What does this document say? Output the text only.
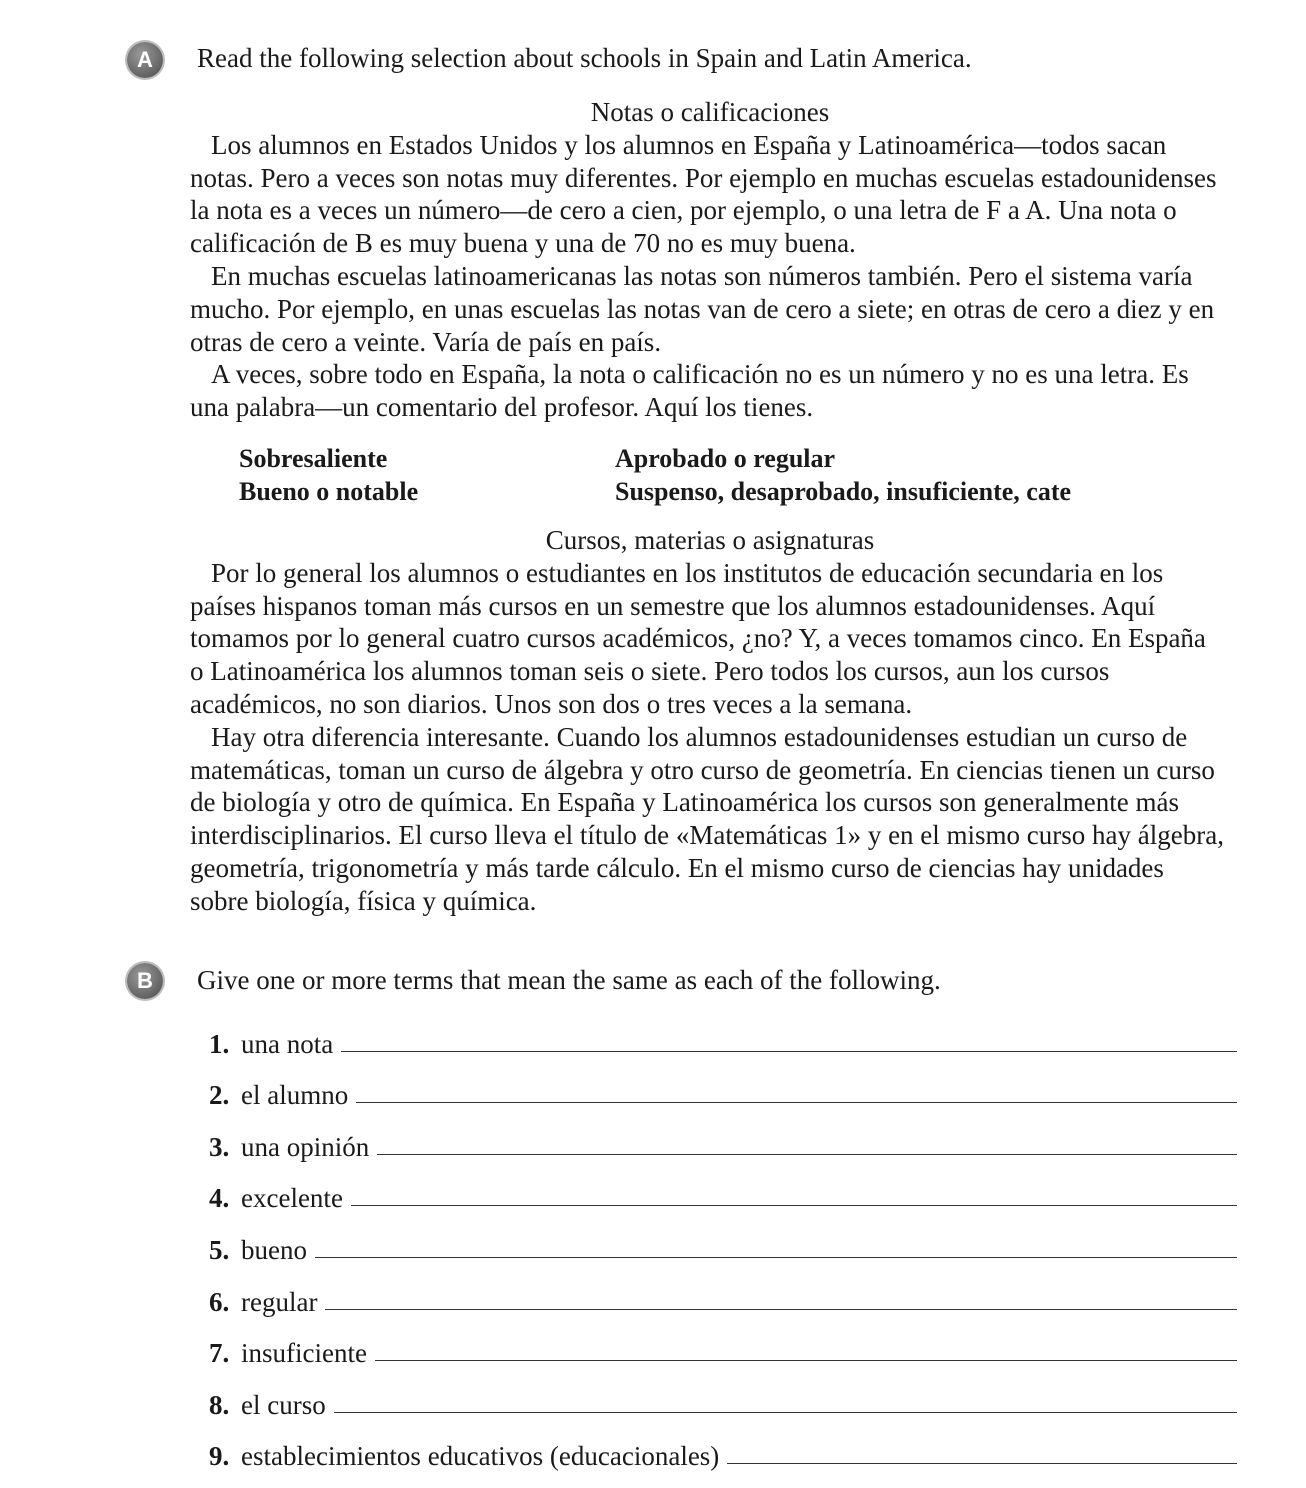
A	Read the following selection about schools in Spain and Latin America.
Notas o calificaciones

Los alumnos en Estados Unidos y los alumnos en España y Latinoamérica—todos sacan notas. Pero a veces son notas muy diferentes. Por ejemplo en muchas escuelas estadounidenses la nota es a veces un número—de cero a cien, por ejemplo, o una letra de F a A. Una nota o calificación de B es muy buena y una de 70 no es muy buena.

En muchas escuelas latinoamericanas las notas son números también. Pero el sistema varía mucho. Por ejemplo, en unas escuelas las notas van de cero a siete; en otras de cero a diez y en otras de cero a veinte. Varía de país en país.

A veces, sobre todo en España, la nota o calificación no es un número y no es una letra. Es una palabra—un comentario del profesor. Aquí los tienes.

Sobresaliente	Aprobado o regular
Bueno o notable	Suspenso, desaprobado, insuficiente, cate
Cursos, materias o asignaturas

Por lo general los alumnos o estudiantes en los institutos de educación secundaria en los países hispanos toman más cursos en un semestre que los alumnos estadounidenses. Aquí tomamos por lo general cuatro cursos académicos, ¿no? Y, a veces tomamos cinco. En España o Latinoamérica los alumnos toman seis o siete. Pero todos los cursos, aun los cursos académicos, no son diarios. Unos son dos o tres veces a la semana.

Hay otra diferencia interesante. Cuando los alumnos estadounidenses estudian un curso de matemáticas, toman un curso de álgebra y otro curso de geometría. En ciencias tienen un curso de biología y otro de química. En España y Latinoamérica los cursos son generalmente más interdisciplinarios. El curso lleva el título de «Matemáticas 1» y en el mismo curso hay álgebra, geometría, trigonometría y más tarde cálculo. En el mismo curso de ciencias hay unidades sobre biología, física y química.

B	Give one or more terms that mean the same as each of the following.
1. una nota
2. el alumno
3. una opinión
4. excelente
5. bueno
6. regular
7. insuficiente
8. el curso
9. establecimientos educativos (educacionales)
